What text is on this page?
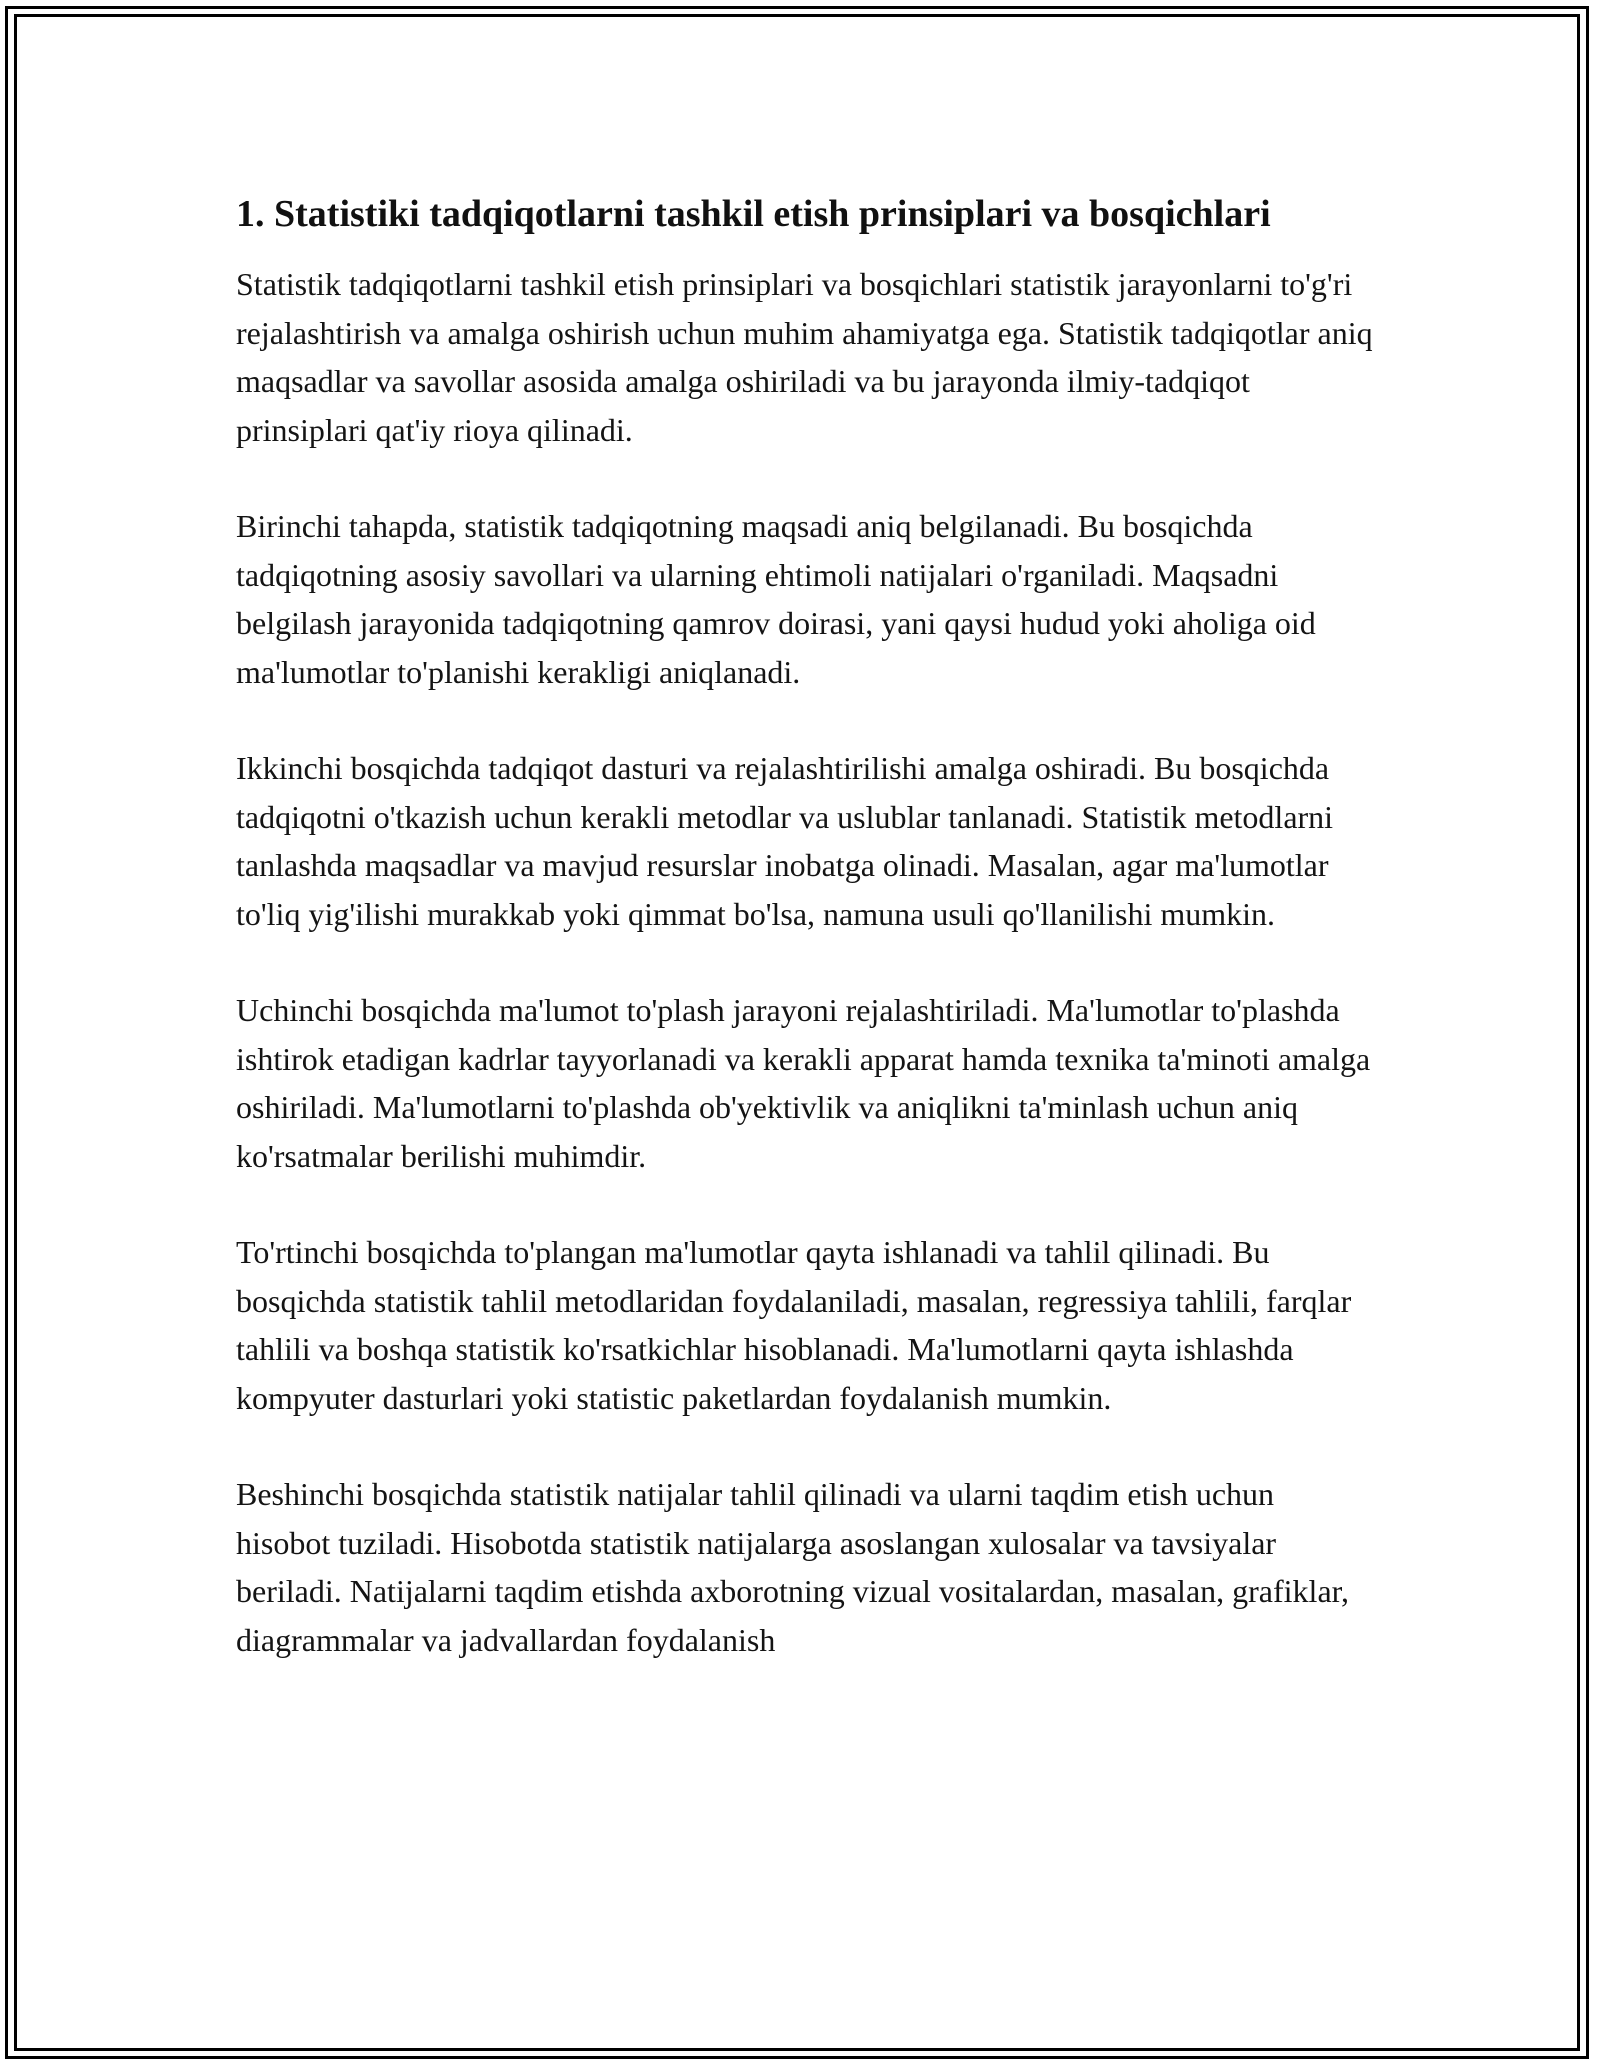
1. Statistiki tadqiqotlarni tashkil etish prinsiplari va bosqichlari

Statistik tadqiqotlarni tashkil etish prinsiplari va bosqichlari statistik jarayonlarni to'g'ri rejalashtirish va amalga oshirish uchun muhim ahamiyatga ega. Statistik tadqiqotlar aniq maqsadlar va savollar asosida amalga oshiriladi va bu jarayonda ilmiy-tadqiqot prinsiplari qat'iy rioya qilinadi.

Birinchi tahapda, statistik tadqiqotning maqsadi aniq belgilanadi. Bu bosqichda tadqiqotning asosiy savollari va ularning ehtimoli natijalari o'rganiladi. Maqsadni belgilash jarayonida tadqiqotning qamrov doirasi, yani qaysi hudud yoki aholiga oid ma'lumotlar to'planishi kerakligi aniqlanadi.

Ikkinchi bosqichda tadqiqot dasturi va rejalashtirilishi amalga oshiradi. Bu bosqichda tadqiqotni o'tkazish uchun kerakli metodlar va uslublar tanlanadi. Statistik metodlarni tanlashda maqsadlar va mavjud resurslar inobatga olinadi. Masalan, agar ma'lumotlar to'liq yig'ilishi murakkab yoki qimmat bo'lsa, namuna usuli qo'llanilishi mumkin.

Uchinchi bosqichda ma'lumot to'plash jarayoni rejalashtiriladi. Ma'lumotlar to'plashda ishtirok etadigan kadrlar tayyorlanadi va kerakli apparat hamda texnika ta'minoti amalga oshiriladi. Ma'lumotlarni to'plashda ob'yektivlik va aniqlikni ta'minlash uchun aniq ko'rsatmalar berilishi muhimdir.

To'rtinchi bosqichda to'plangan ma'lumotlar qayta ishlanadi va tahlil qilinadi. Bu bosqichda statistik tahlil metodlaridan foydalaniladi, masalan, regressiya tahlili, farqlar tahlili va boshqa statistik ko'rsatkichlar hisoblanadi. Ma'lumotlarni qayta ishlashda kompyuter dasturlari yoki statistic paketlardan foydalanish mumkin.

Beshinchi bosqichda statistik natijalar tahlil qilinadi va ularni taqdim etish uchun hisobot tuziladi. Hisobotda statistik natijalarga asoslangan xulosalar va tavsiyalar beriladi. Natijalarni taqdim etishda axborotning vizual vositalardan, masalan, grafiklar, diagrammalar va jadvallardan foydalanish
